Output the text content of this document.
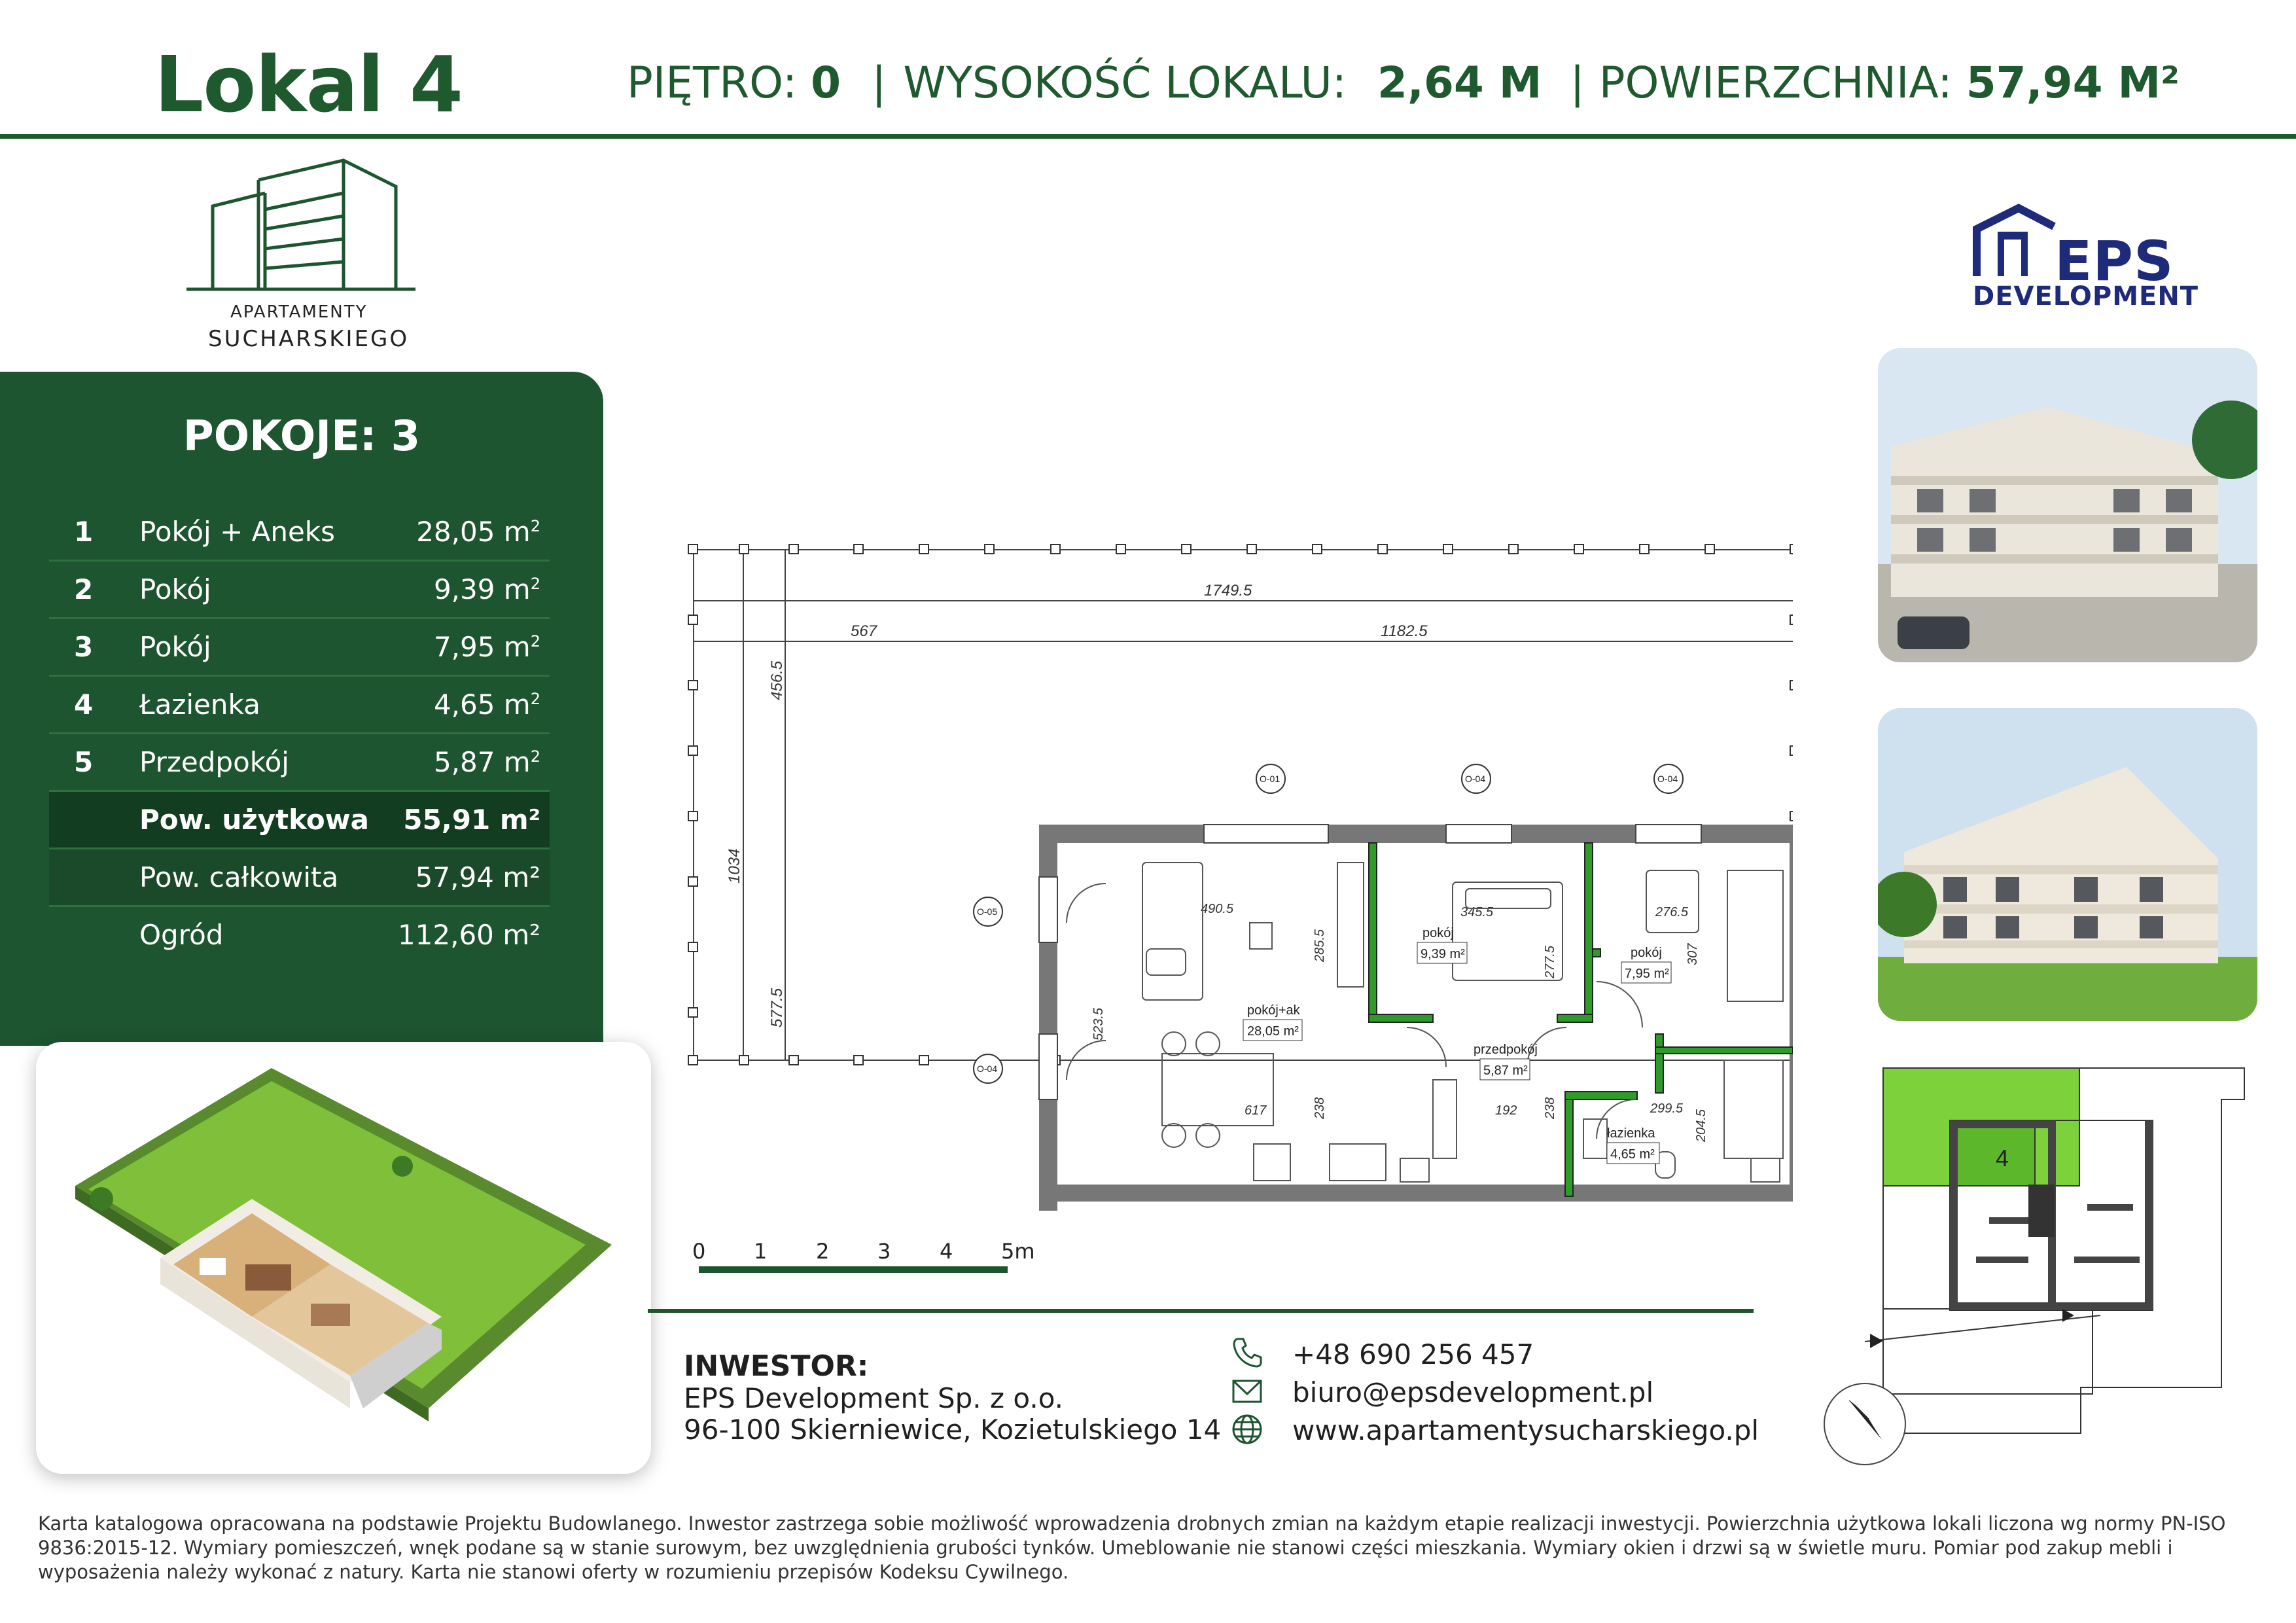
Lokal 4	PIĘTRO: 0 | WYSOKOŚĆ LOKALU: 2,64 M | POWIERZCHNIA: 57,94 M²
APARTAMENTY
SUCHARSKIEGO
EPS
DEVELOPMENT
POKOJE: 3
1	Pokój + Aneks	28,05 $m^2$
2	Pokój	9,39 $m^2$
3	Pokój	7,95 $m^2$
4	Łazienka	4,65 $m^2$
5	Przedpokój	5,87 $m^2$
Pow. użytkowa	55,91 m²
Pow. całkowita	57,94 m²
Ogród	112,60 m²
1749.5
567	1182.5
456.5
1034
577.5
490.5
285.5
523.5
617	238	192 238
345.5
277.5
276.5
307
299.5
204.5
pokój+ak
28,05 m²
pokój
9,39 m²	pokój
7,95 m²
przedpokój
5,87 m²
łazienka
4,65 m²
O-01	O-04	O-04
O-05
O-04
0 1 2 3 4 5m
4
INWESTOR:
EPS Development Sp. z o.o.
96-100 Skierniewice, Kozietulskiego 14
+48 690 256 457
biuro@epsdevelopment.pl
www.apartamentysucharskiego.pl
Karta katalogowa opracowana na podstawie Projektu Budowlanego. Inwestor zastrzega sobie możliwość wprowadzenia drobnych zmian na każdym etapie realizacji inwestycji. Powierzchnia użytkowa lokali liczona wg normy PN-ISO 9836:2015-12. Wymiary pomieszczeń, wnęk podane są w stanie surowym, bez uwzględnienia grubości tynków. Umeblowanie nie stanowi części mieszkania. Wymiary okien i drzwi są w świetle muru. Pomiar pod zakup mebli i wyposażenia należy wykonać z natury. Karta nie stanowi oferty w rozumieniu przepisów Kodeksu Cywilnego.
